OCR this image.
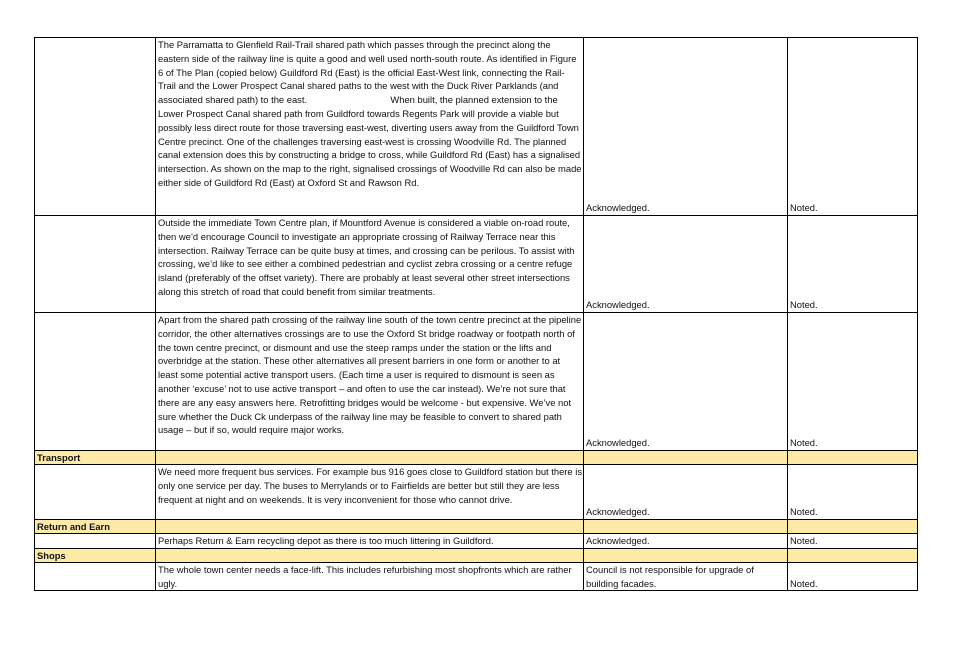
	The Parramatta to Glenfield Rail-Trail shared path which passes through the precinct along the eastern side of the railway line is quite a good and well used north-south route. As identified in Figure 6 of The Plan (copied below) Guildford Rd (East) is the official East-West link, connecting the Rail-Trail and the Lower Prospect Canal shared paths to the west with the Duck River Parklands (and associated shared path) to the east.                                When built, the planned extension to the Lower Prospect Canal shared path from Guildford towards Regents Park will provide a viable but possibly less direct route for those traversing east-west, diverting users away from the Guildford Town Centre precinct. One of the challenges traversing east-west is crossing Woodville Rd. The planned canal extension does this by constructing a bridge to cross, while Guildford Rd (East) has a signalised intersection. As shown on the map to the right, signalised crossings of Woodville Rd can also be made either side of Guildford Rd (East) at Oxford St and Rawson Rd.	Acknowledged.	Noted.
	Outside the immediate Town Centre plan, if Mountford Avenue is considered a viable on-road route, then we’d encourage Council to investigate an appropriate crossing of Railway Terrace near this intersection. Railway Terrace can be quite busy at times, and crossing can be perilous. To assist with crossing, we’d like to see either a combined pedestrian and cyclist zebra crossing or a centre refuge island (preferably of the offset variety). There are probably at least several other street intersections along this stretch of road that could benefit from similar treatments.	Acknowledged.	Noted.
	Apart from the shared path crossing of the railway line south of the town centre precinct at the pipeline corridor, the other alternatives crossings are to use the Oxford St bridge roadway or footpath north of the town centre precinct, or dismount and use the steep ramps under the station or the lifts and overbridge at the station. These other alternatives all present barriers in one form or another to at least some potential active transport users. (Each time a user is required to dismount is seen as another ‘excuse’ not to use active transport – and often to use the car instead). We’re not sure that there are any easy answers here. Retrofitting bridges would be welcome - but expensive. We’ve not sure whether the Duck Ck underpass of the railway line may be feasible to convert to shared path usage – but if so, would require major works.	Acknowledged.	Noted.
Transport			
	We need more frequent bus services. For example bus 916 goes close to Guildford station but there is only one service per day. The buses to Merrylands or to Fairfields are better but still they are less frequent at night and on weekends. It is very inconvenient for those who cannot drive.	Acknowledged.	Noted.
Return and Earn			
	Perhaps Return & Earn recycling depot as there is too much littering in Guildford.	Acknowledged.	Noted.
Shops			
	The whole town center needs a face-lift. This includes refurbishing most shopfronts which are rather ugly.	Council is not responsible for upgrade of building facades.	Noted.
